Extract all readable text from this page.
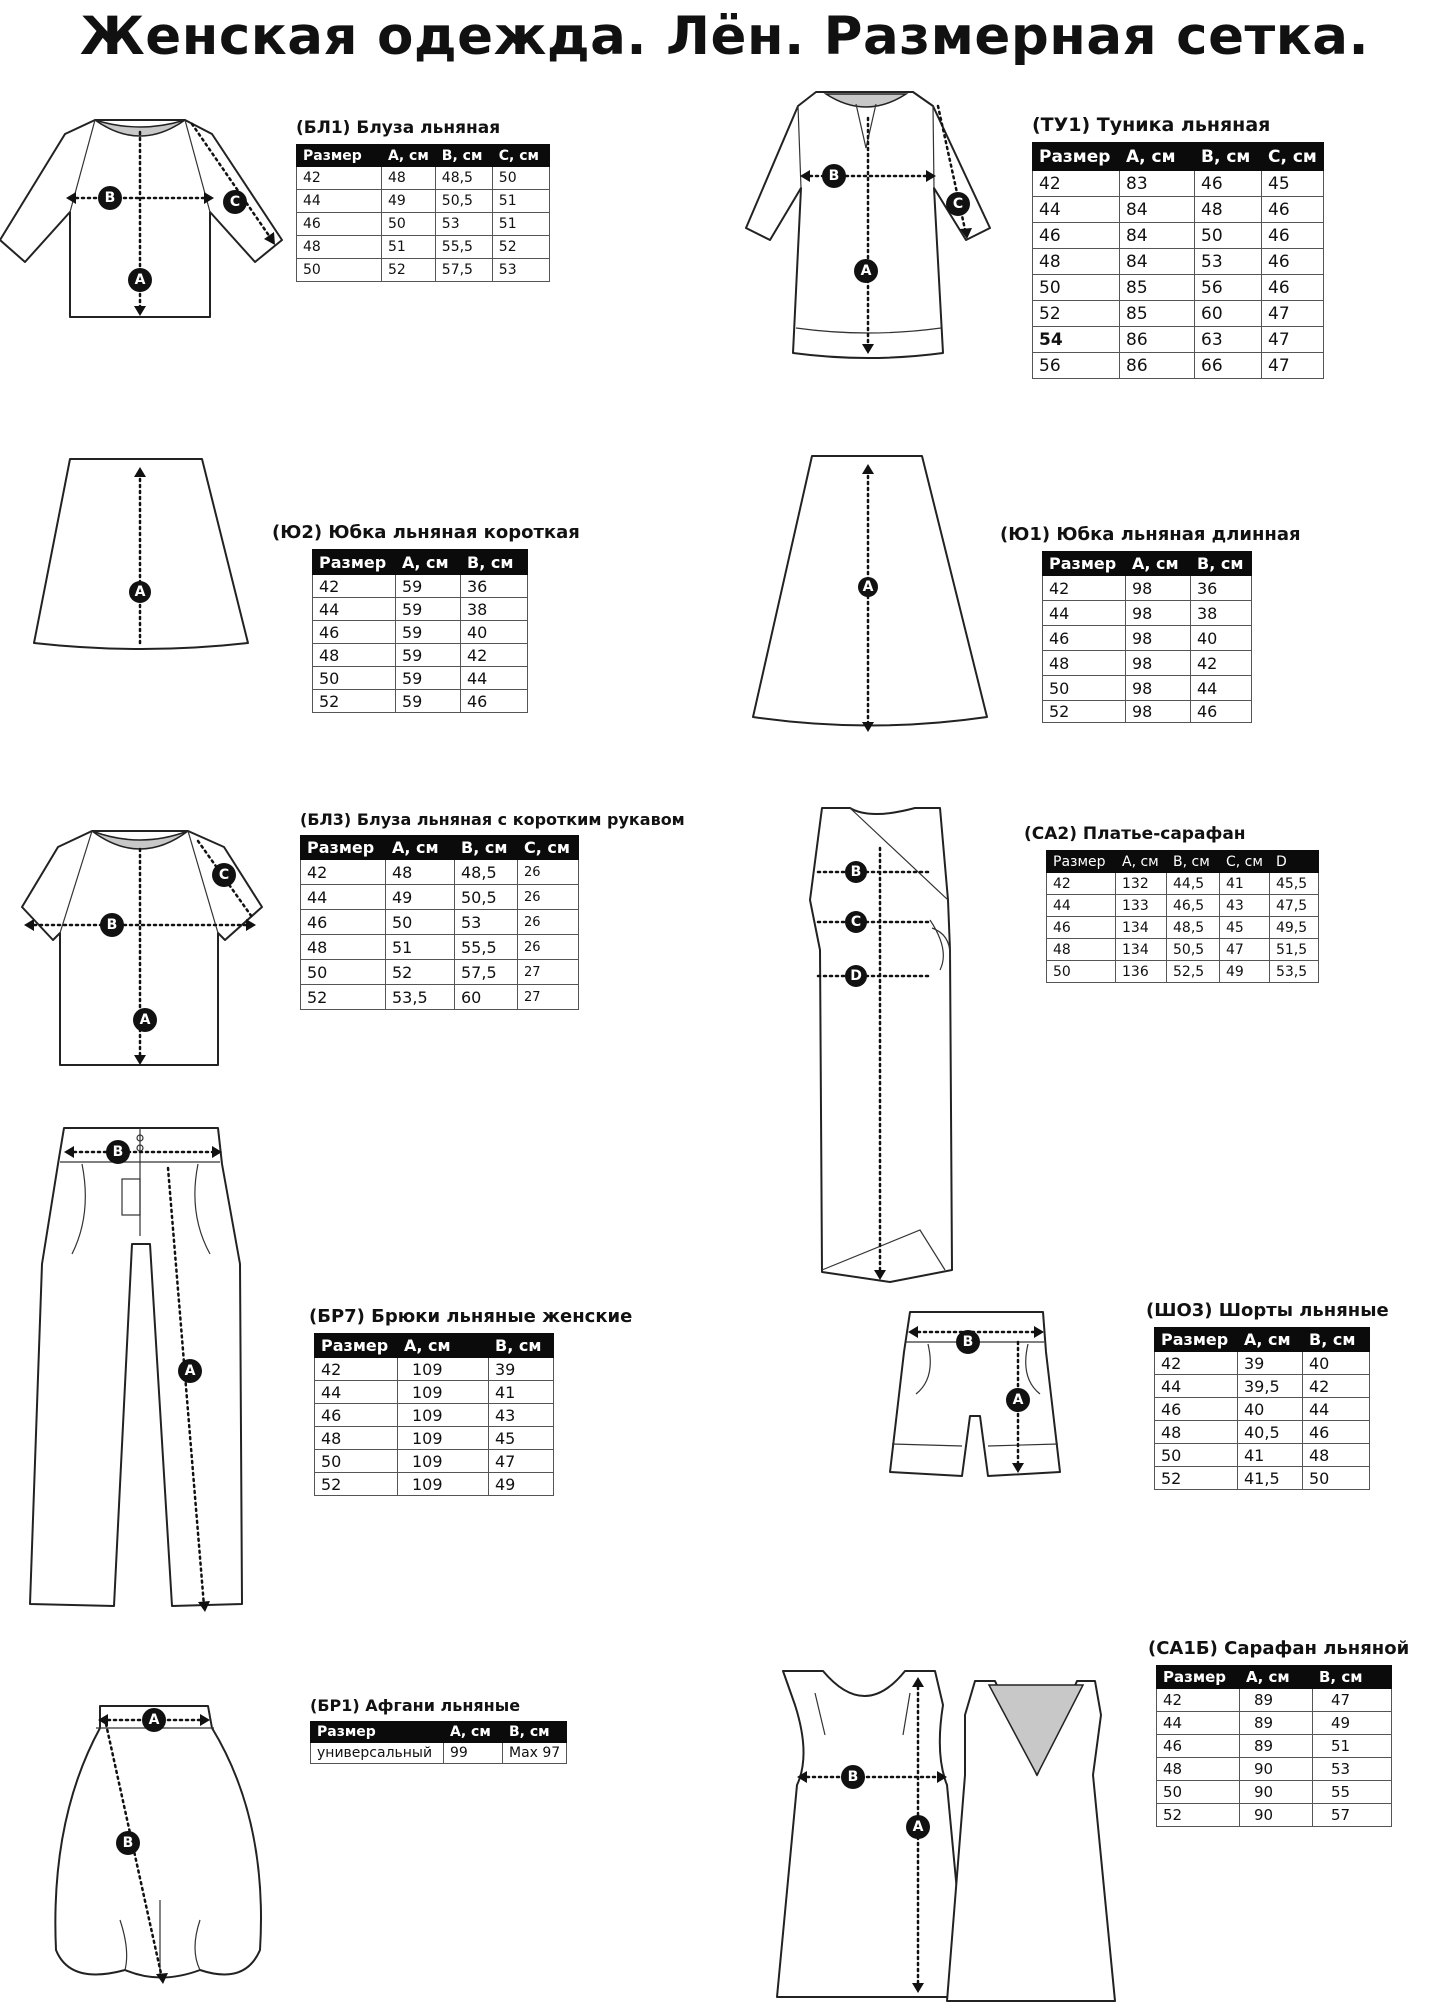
Женская одежда. Лён. Размерная сетка.
A
B	C
A
B
C
A	A
A
B
C
B
A
B
C
D
B
A
A
B
B
A
(БЛ1) Блуза льняная
Размер	А, см	В, см	С, см
42	48	48,5	50
44	49	50,5	51
46	50	53	51
48	51	55,5	52
50	52	57,5	53
(ТУ1) Туника льняная
Размер	А, см	В, см	С, см
42	83	46	45
44	84	48	46
46	84	50	46
48	84	53	46
50	85	56	46
52	85	60	47
54	86	63	47
56	86	66	47
(Ю2) Юбка льняная короткая
Размер	А, см	В, см
42	59	36
44	59	38
46	59	40
48	59	42
50	59	44
52	59	46
(Ю1) Юбка льняная длинная
Размер	А, см	В, см
42	98	36
44	98	38
46	98	40
48	98	42
50	98	44
52	98	46
(БЛ3) Блуза льняная с коротким рукавом
Размер	А, см	В, см	С, см
42	48	48,5	26
44	49	50,5	26
46	50	53	26
48	51	55,5	26
50	52	57,5	27
52	53,5	60	27
(СА2) Платье-сарафан
Размер	А, см	В, см	С, см	D
42	132	44,5	41	45,5
44	133	46,5	43	47,5
46	134	48,5	45	49,5
48	134	50,5	47	51,5
50	136	52,5	49	53,5
(БР7) Брюки льняные женские
Размер	А, см	В, см
42	109	39
44	109	41
46	109	43
48	109	45
50	109	47
52	109	49
(ШО3) Шорты льняные
Размер	А, см	В, см
42	39	40
44	39,5	42
46	40	44
48	40,5	46
50	41	48
52	41,5	50
(БР1) Афгани льняные
Размер	А, см	В, см
универсальный	99	Max 97
(СА1Б) Сарафан льняной
Размер	А, см	В, см
42	89	47
44	89	49
46	89	51
48	90	53
50	90	55
52	90	57
